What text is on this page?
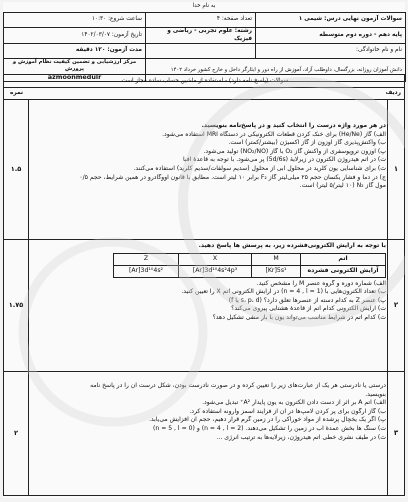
به نام خدا
سوالات آزمون نهایی درس: شیمی ۱	تعداد صفحه: ۴	ساعت شروع: ۱۰:۳۰
پایه دهم - دوره دوم متوسطه	رشته: علوم تجربی - ریاضی و فیزیک	تاریخ آزمون: ۱۴۰۲/۰۳/۰۷
نام و نام خانوادگی:		مدت آزمون: ۱۲۰ دقیقه
دانش آموزان روزانه، بزرگسال، داوطلب آزاد، آموزش از راه دور و ایثارگر داخل و خارج کشور خرداد ۱۴۰۲		مرکز ارزشیابی و تضمین کیفیت نظام آموزش و پرورش
azmoonmeduir
سوالات (پاسخ نامه دارد) - استفاده از ماشین حساب ساده مجاز است.
ردیف
نمره
۱
۱.۵
در هر مورد واژه درست را انتخاب کنید و در پاسخ‌نامه بنویسید.
الف) گاز (He/Ne) برای خنک کردن قطعات الکترونیکی در دستگاه MRI استفاده می‌شود.
ب) واکنش‌پذیری گاز اوزون از گاز اکسیژن (بیشتر/کمتر) است.
پ) اوزون تروپوسفری از واکنش گاز O₂ با گاز (NO₂/NO) تولید می‌شود.
ت) در اتم هیدروژن الکترون در زیرلایهٔ (5d/6s) پر می‌شود. با توجه به قاعدهٔ آفبا
ث) برای شناسایی یون کلرید در محلول آبی از محلول (سدیم سولفات/سدیم کلرید) استفاده می‌کنند.
ج) در دما و فشار یکسان حجم ۲۵ میلی‌لیتر گاز F₂ برابر ۱۰ لیتر است. مطابق با قانون آووگادرو در همین شرایط، حجم ۰/۵
مول گاز N₂ (۱۰ لیتر/۵ لیتر) است.
۲
۱.۷۵
با توجه به آرایش الکترونی‌فشرده زیر، به پرسش ها پاسخ دهید.
Z	X	M	اتم
[Ar]3d¹⁰4s²	[Ar]3d¹⁰4s²4p³	[Kr]5s¹	آرایش الکترونی فشرده
الف) شماره دوره و گروه عنصر M را مشخص کنید.
ب) تعداد الکترون‌هایی با (n = 4 , l = 1) در آرایش الکترونی اتم X را تعیین کنید.
پ) عنصر Z به کدام دسته از عنصرها تعلق دارد؟ (s، p، d یا f)
ت) آرایش الکترونی کدام اتم از قاعدهٔ هشتایی پیروی می‌کند؟
ث) کدام اتم در شرایط مناسب می‌تواند یون با بار منفی تشکیل دهد؟
۳
۲
درستی یا نادرستی هر یک از عبارت‌های زیر را تعیین کرده و در صورت نادرست بودن، شکل درست آن را در پاسخ نامه
بنویسید.
الف) اتم A بر اثر از دست دادن الکترون به یون پایدار A²⁺ تبدیل می‌شود.
ب) گاز آرگون برای پر کردن لامپ‌ها در آن از فرایند اسمز وارونه استفاده کرد.
پ) اگر یک یخچال پرشده از مواد خوراکی را در زمین گرم قرار دهیم، حجم آن افزایش می‌یابد.
ت) سنگ ها بخش عمدهٔ آب در زمین را تشکیل می‌دهند. (n = 4 , l = 2) و (n = 5 , l = 0)
ث) در طیف نشری خطی اتم هیدروژن، زیرلایه‌ها به ترتیب انرژی ...
